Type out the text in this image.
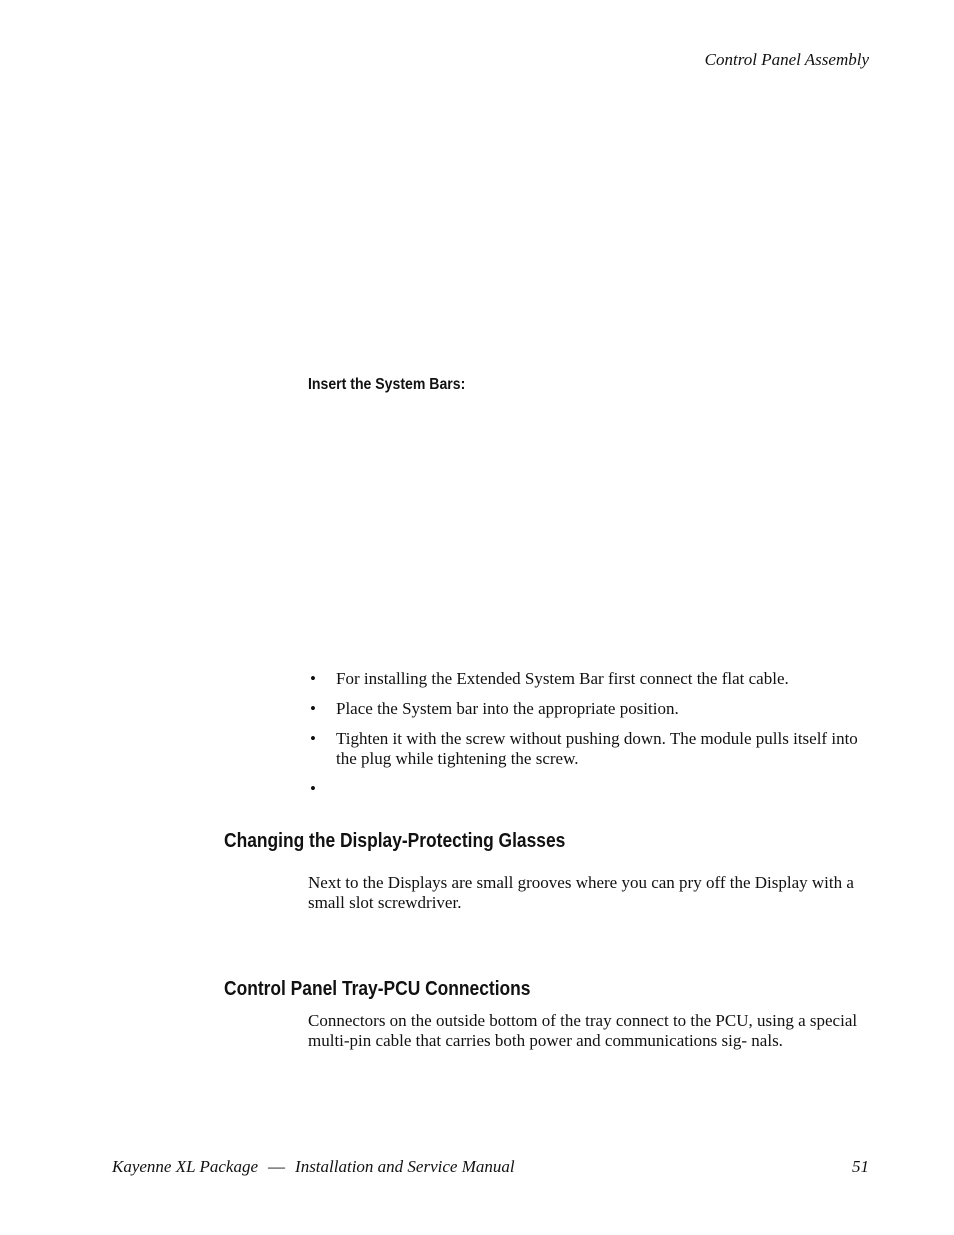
Control Panel Assembly
Insert the System Bars:
• For installing the Extended System Bar first connect the flat cable.
• Place the System bar into the appropriate position.
• Tighten it with the screw without pushing down. The module pulls itself into the plug while tightening the screw.
•
Changing the Display-Protecting Glasses
Next to the Displays are small grooves where you can pry off the Display with a small slot screwdriver.
Control Panel Tray-PCU Connections
Connectors on the outside bottom of the tray connect to the PCU, using a special multi-pin cable that carries both power and communications sig- nals.
Kayenne XL Package — Installation and Service Manual	51
